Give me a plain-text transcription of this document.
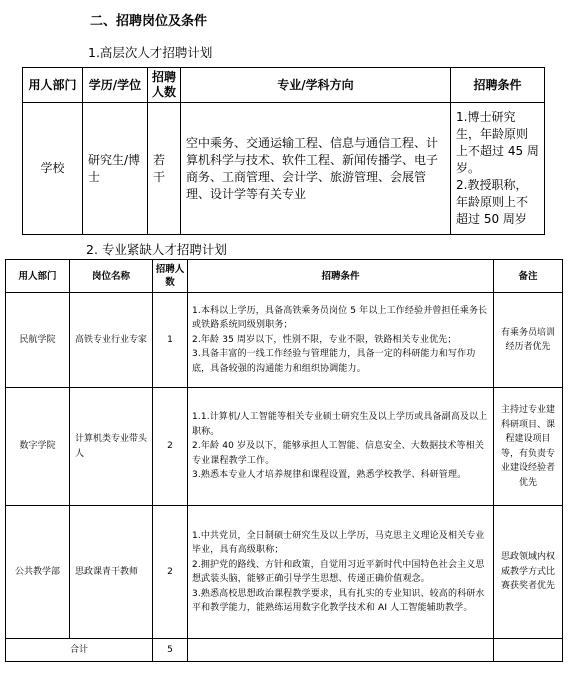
二、招聘岗位及条件
1.高层次人才招聘计划
用人部门	学历/学位	招聘人数	专业/学科方向	招聘条件
学校	研究生/博士	若干	空中乘务、交通运输工程、信息与通信工程、计算机科学与技术、软件工程、新闻传播学、电子商务、工商管理、会计学、旅游管理、会展管理、设计学等有关专业	1.博士研究生，年龄原则上不超过 45 周岁。
2.教授职称，年龄原则上不超过 50 周岁
2. 专业紧缺人才招聘计划
用人部门	岗位名称	招聘人数	招聘条件	备注
民航学院	高铁专业行业专家	1	1.本科以上学历，具备高铁乘务员岗位 5 年以上工作经验并曾担任乘务长或铁路系统同级别职务；
2.年龄 35 周岁以下，性别不限，专业不限，铁路相关专业优先；
3.具备丰富的一线工作经验与管理能力，具备一定的科研能力和写作功底，具备较强的沟通能力和组织协调能力。	有乘务员培训经历者优先
数字学院	计算机类专业带头人	2	1.1.计算机/人工智能等相关专业硕士研究生及以上学历或具备副高及以上职称。
2.年龄 40 岁及以下，能够承担人工智能、信息安全、大数据技术等相关专业课程教学工作。
3.熟悉本专业人才培养规律和课程设置，熟悉学校教学、科研管理。	主持过专业建科研项目、课程建设项目等，有负责专业建设经验者优先
公共教学部	思政课青干教师	2	1.中共党员，全日制硕士研究生及以上学历，马克思主义理论及相关专业毕业，具有高级职称；
2.拥护党的路线、方针和政策，自觉用习近平新时代中国特色社会主义思想武装头脑，能够正确引导学生思想、传递正确价值观念。
3.熟悉高校思想政治课程教学要求，具有扎实的专业知识、较高的科研水平和教学能力，能熟练运用数字化教学技术和 AI 人工智能辅助教学。	思政领域内权威教学方式比赛获奖者优先
合计		5		
